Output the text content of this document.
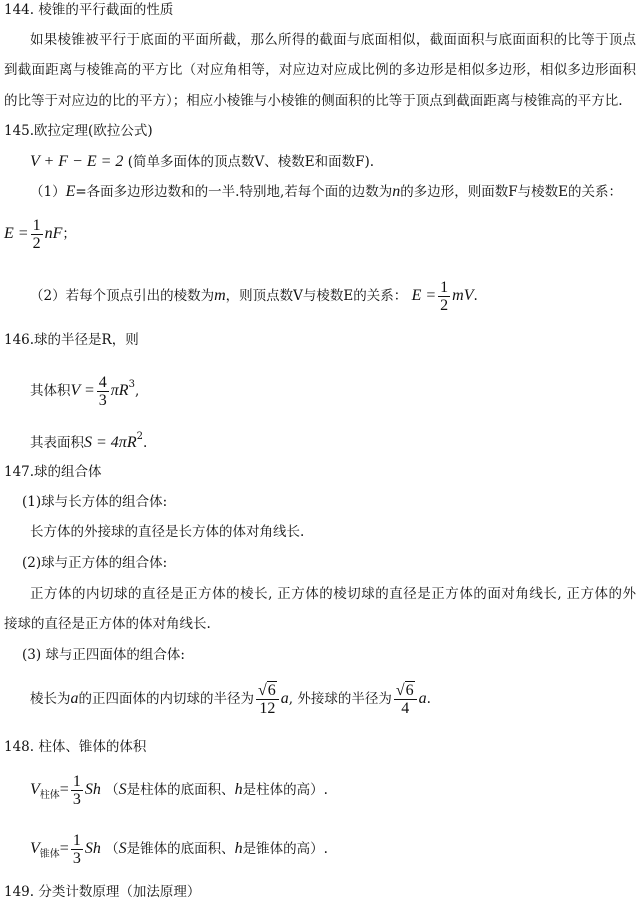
144. 棱锥的平行截面的性质
如果棱锥被平行于底面的平面所截，那么所得的截面与底面相似，截面面积与底面面积的比等于顶点
到截面距离与棱锥高的平方比（对应角相等，对应边对应成比例的多边形是相似多边形，相似多边形面积
的比等于对应边的比的平方）；相应小棱锥与小棱锥的侧面积的比等于顶点到截面距离与棱锥高的平方比.
145.欧拉定理(欧拉公式)
V + F − E = 2 (简单多面体的顶点数V、棱数E和面数F).
（1）E=各面多边形边数和的一半.特别地,若每个面的边数为n的多边形，则面数F与棱数E的关系：
$E = \frac{1}{2}$ nF；
（2）若每个顶点引出的棱数为m，则顶点数V与棱数E的关系： $E = \frac{1}{2}$ mV.
146.球的半径是R，则
其体积$V = \frac{4}{3} \pi R^3$,
其表面积$S = 4\pi R^2$.
147.球的组合体
(1)球与长方体的组合体:
长方体的外接球的直径是长方体的体对角线长.
(2)球与正方体的组合体:
正方体的内切球的直径是正方体的棱长, 正方体的棱切球的直径是正方体的面对角线长, 正方体的外
接球的直径是正方体的体对角线长.
(3) 球与正四面体的组合体:
棱长为a的正四面体的内切球的半径为 $\frac{√6}{12} a$, 外接球的半径为 $\frac{√6}{4} a$.
148. 柱体、锥体的体积
$V_{柱体}= \frac{1}{3}$ Sh （S是柱体的底面积、h是柱体的高）.
$V_{锥体}= \frac{1}{3}$ Sh （S是锥体的底面积、h是锥体的高）.
149. 分类计数原理（加法原理）
